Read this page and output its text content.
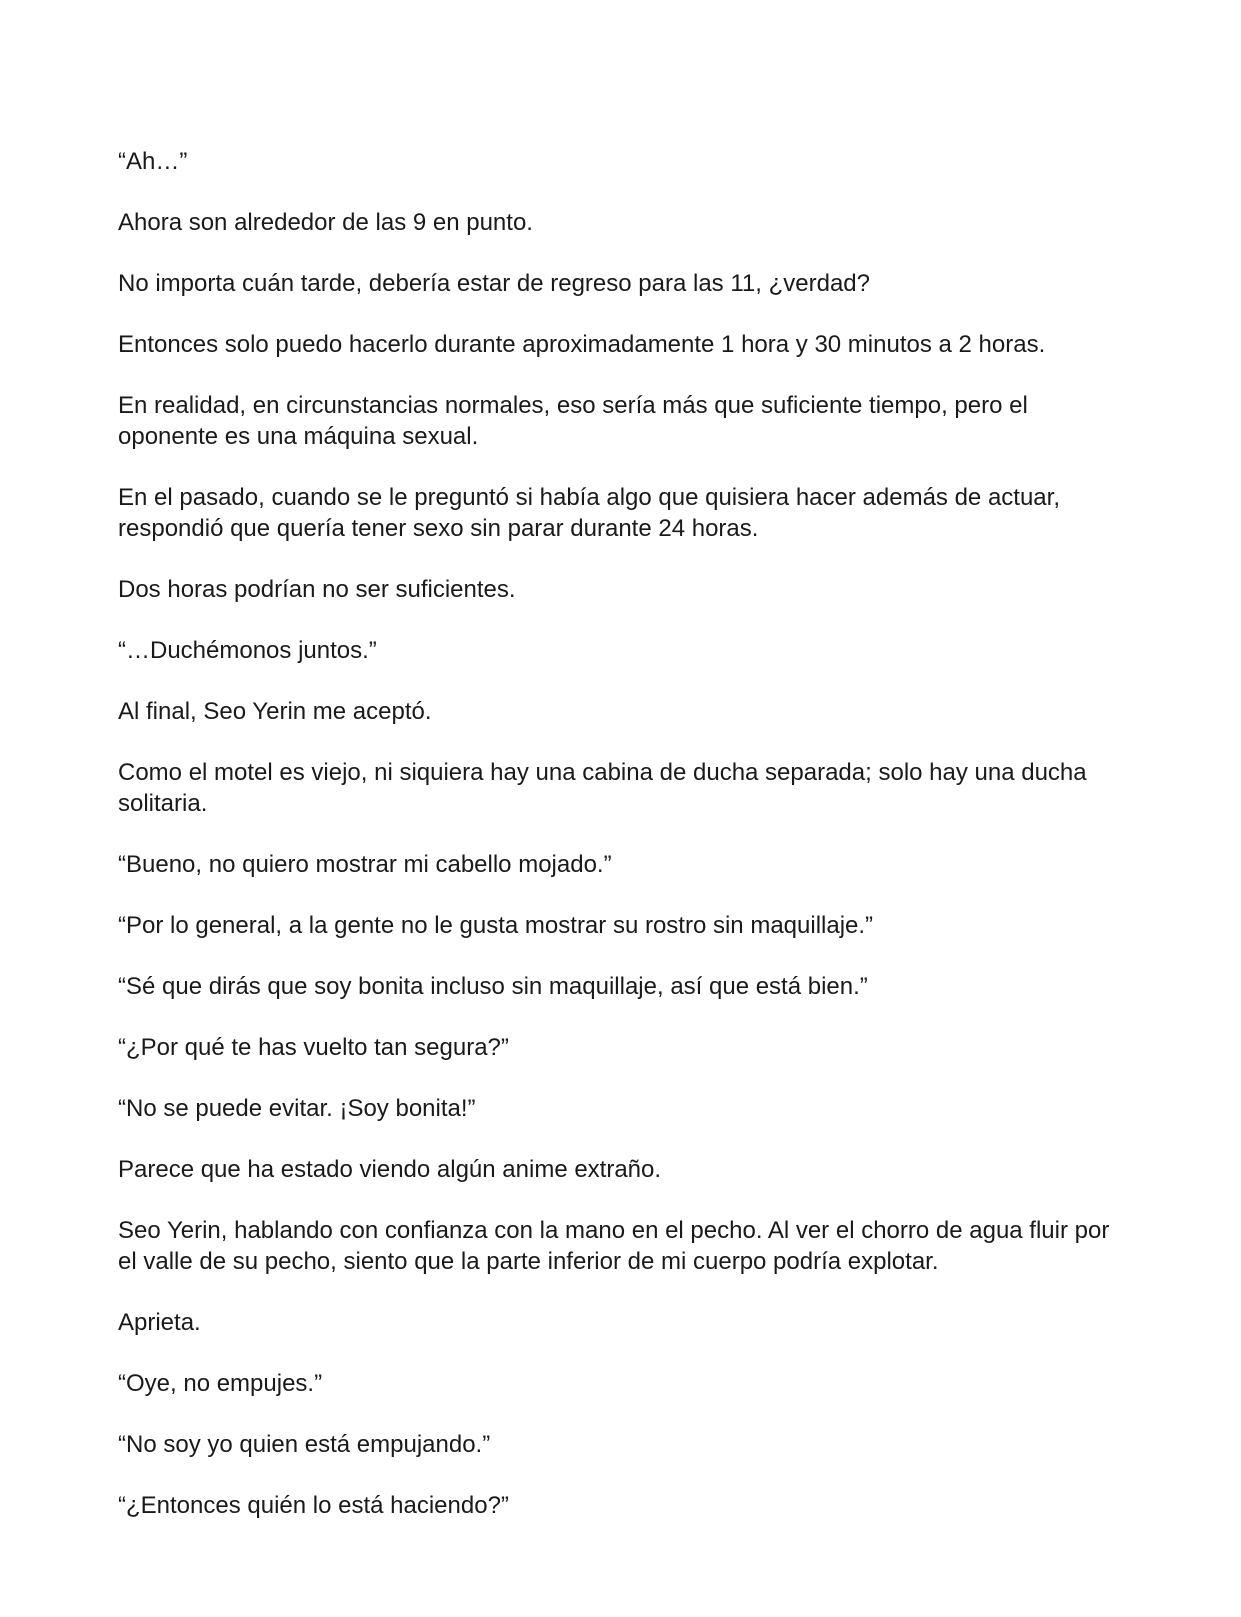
“Ah…”

Ahora son alrededor de las 9 en punto.

No importa cuán tarde, debería estar de regreso para las 11, ¿verdad?

Entonces solo puedo hacerlo durante aproximadamente 1 hora y 30 minutos a 2 horas.

En realidad, en circunstancias normales, eso sería más que suficiente tiempo, pero el oponente es una máquina sexual.

En el pasado, cuando se le preguntó si había algo que quisiera hacer además de actuar, respondió que quería tener sexo sin parar durante 24 horas.

Dos horas podrían no ser suficientes.

“…Duchémonos juntos.”

Al final, Seo Yerin me aceptó.

Como el motel es viejo, ni siquiera hay una cabina de ducha separada; solo hay una ducha solitaria.

“Bueno, no quiero mostrar mi cabello mojado.”

“Por lo general, a la gente no le gusta mostrar su rostro sin maquillaje.”

“Sé que dirás que soy bonita incluso sin maquillaje, así que está bien.”

“¿Por qué te has vuelto tan segura?”

“No se puede evitar. ¡Soy bonita!”

Parece que ha estado viendo algún anime extraño.

Seo Yerin, hablando con confianza con la mano en el pecho. Al ver el chorro de agua fluir por el valle de su pecho, siento que la parte inferior de mi cuerpo podría explotar.

Aprieta.

“Oye, no empujes.”

“No soy yo quien está empujando.”

“¿Entonces quién lo está haciendo?”
